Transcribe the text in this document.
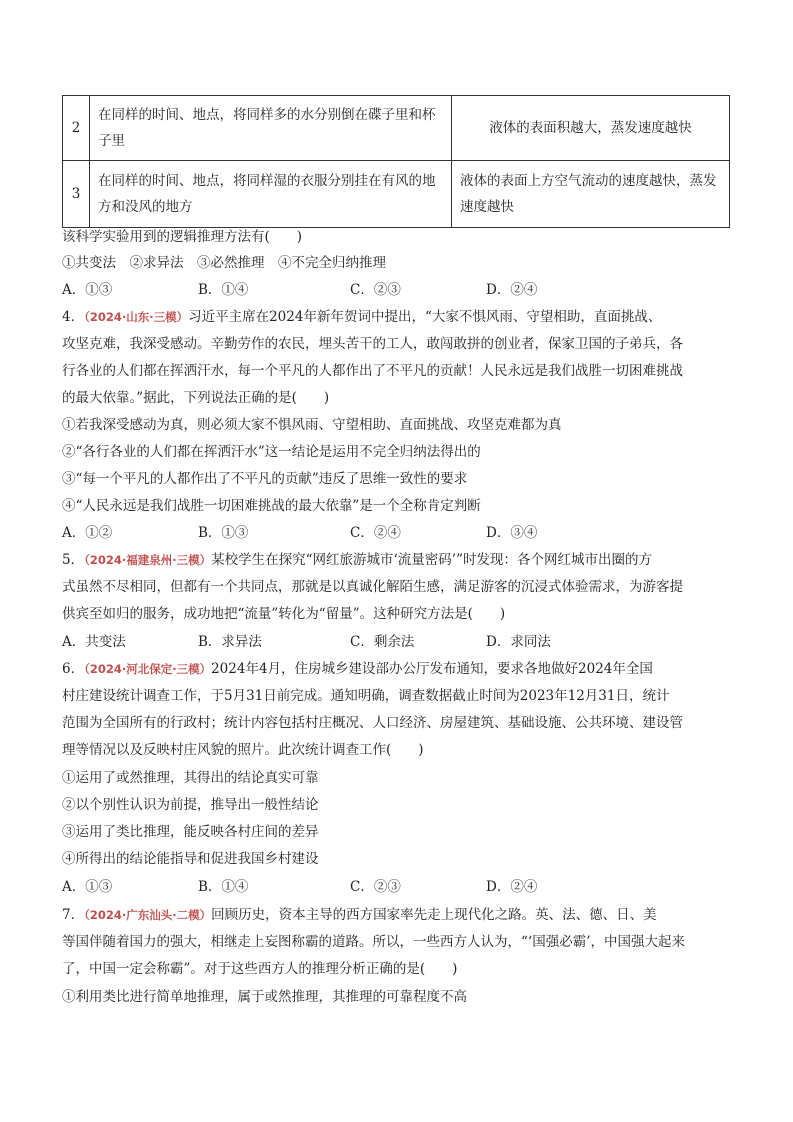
2	在同样的时间、地点，将同样多的水分别倒在碟子里和杯子里	液体的表面积越大，蒸发速度越快
3	在同样的时间、地点，将同样湿的衣服分别挂在有风的地方和没风的地方	液体的表面上方空气流动的速度越快，蒸发速度越快
该科学实验用到的逻辑推理方法有(　　)
①共变法　②求异法　③必然推理　④不完全归纳推理
A．①③	B．①④	C．②③	D．②④
4．（2024·山东·三模）习近平主席在2024年新年贺词中提出，“大家不惧风雨、守望相助，直面挑战、
攻坚克难，我深受感动。辛勤劳作的农民，埋头苦干的工人，敢闯敢拼的创业者，保家卫国的子弟兵，各
行各业的人们都在挥洒汗水，每一个平凡的人都作出了不平凡的贡献！人民永远是我们战胜一切困难挑战
的最大依靠。”据此，下列说法正确的是(　　)
①若我深受感动为真，则必须大家不惧风雨、守望相助、直面挑战、攻坚克难都为真
②“各行各业的人们都在挥洒汗水”这一结论是运用不完全归纳法得出的
③“每一个平凡的人都作出了不平凡的贡献”违反了思维一致性的要求
④“人民永远是我们战胜一切困难挑战的最大依靠”是一个全称肯定判断
A．①②	B．①③	C．②④	D．③④
5．（2024·福建泉州·三模）某校学生在探究“网红旅游城市‘流量密码’”时发现：各个网红城市出圈的方
式虽然不尽相同，但都有一个共同点，那就是以真诚化解陌生感，满足游客的沉浸式体验需求，为游客提
供宾至如归的服务，成功地把“流量”转化为“留量”。这种研究方法是(　　)
A．共变法	B．求异法	C．剩余法	D．求同法
6．（2024·河北保定·三模）2024年4月，住房城乡建设部办公厅发布通知，要求各地做好2024年全国
村庄建设统计调查工作，于5月31日前完成。通知明确，调查数据截止时间为2023年12月31日，统计
范围为全国所有的行政村；统计内容包括村庄概况、人口经济、房屋建筑、基础设施、公共环境、建设管
理等情况以及反映村庄风貌的照片。此次统计调查工作(　　)
①运用了或然推理，其得出的结论真实可靠
②以个别性认识为前提，推导出一般性结论
③运用了类比推理，能反映各村庄间的差异
④所得出的结论能指导和促进我国乡村建设
A．①③	B．①④	C．②③	D．②④
7．（2024·广东汕头·二模）回顾历史，资本主导的西方国家率先走上现代化之路。英、法、德、日、美
等国伴随着国力的强大，相继走上妄图称霸的道路。所以，一些西方人认为，“‘国强必霸’，中国强大起来
了，中国一定会称霸”。对于这些西方人的推理分析正确的是(　　)
①利用类比进行简单地推理，属于或然推理，其推理的可靠程度不高
